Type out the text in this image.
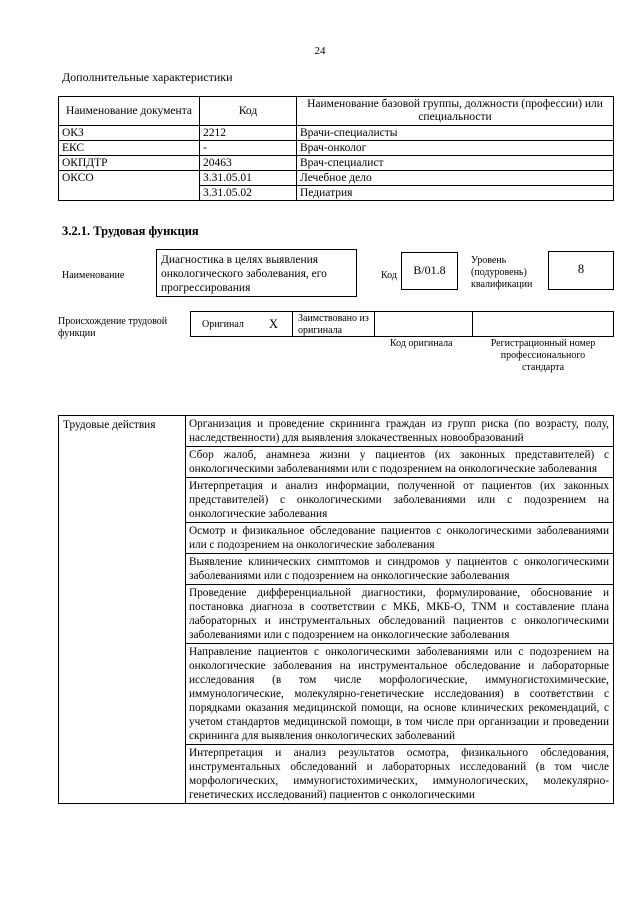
24
Дополнительные характеристики
Наименование документа	Код	Наименование базовой группы, должности (профессии) или специальности
ОКЗ	2212	Врачи-специалисты
ЕКС	-	Врач-онколог
ОКПДТР	20463	Врач-специалист
ОКСО	3.31.05.01	Лечебное дело
	3.31.05.02	Педиатрия
3.2.1. Трудовая функция
Наименование
Диагностика в целях выявления онкологического заболевания, его прогрессирования
Код	B/01.8
Уровень (подуровень) квалификации
8
Происхождение трудовой функции
Оригинал X Заимствовано из оригинала
Код оригинала	Регистрационный номер профессионального стандарта
Трудовые действия	Организация и проведение скрининга граждан из групп риска (по возрасту, полу, наследственности) для выявления злокачественных новообразований
Сбор жалоб, анамнеза жизни у пациентов (их законных представителей) с онкологическими заболеваниями или с подозрением на онкологические заболевания
Интерпретация и анализ информации, полученной от пациентов (их законных представителей) с онкологическими заболеваниями или с подозрением на онкологические заболевания
Осмотр и физикальное обследование пациентов с онкологическими заболеваниями или с подозрением на онкологические заболевания
Выявление клинических симптомов и синдромов у пациентов с онкологическими заболеваниями или с подозрением на онкологические заболевания
Проведение дифференциальной диагностики, формулирование, обоснование и постановка диагноза в соответствии с МКБ, МКБ-О, TNM и составление плана лабораторных и инструментальных обследований пациентов с онкологическими заболеваниями или с подозрением на онкологические заболевания
Направление пациентов с онкологическими заболеваниями или с подозрением на онкологические заболевания на инструментальное обследование и лабораторные исследования (в том числе морфологические, иммуногистохимические, иммунологические, молекулярно-генетические исследования) в соответствии с порядками оказания медицинской помощи, на основе клинических рекомендаций, с учетом стандартов медицинской помощи, в том числе при организации и проведении скрининга для выявления онкологических заболеваний
Интерпретация и анализ результатов осмотра, физикального обследования, инструментальных обследований и лабораторных исследований (в том числе морфологических, иммуногистохимических, иммунологических, молекулярно-генетических исследований) пациентов с онкологическими
